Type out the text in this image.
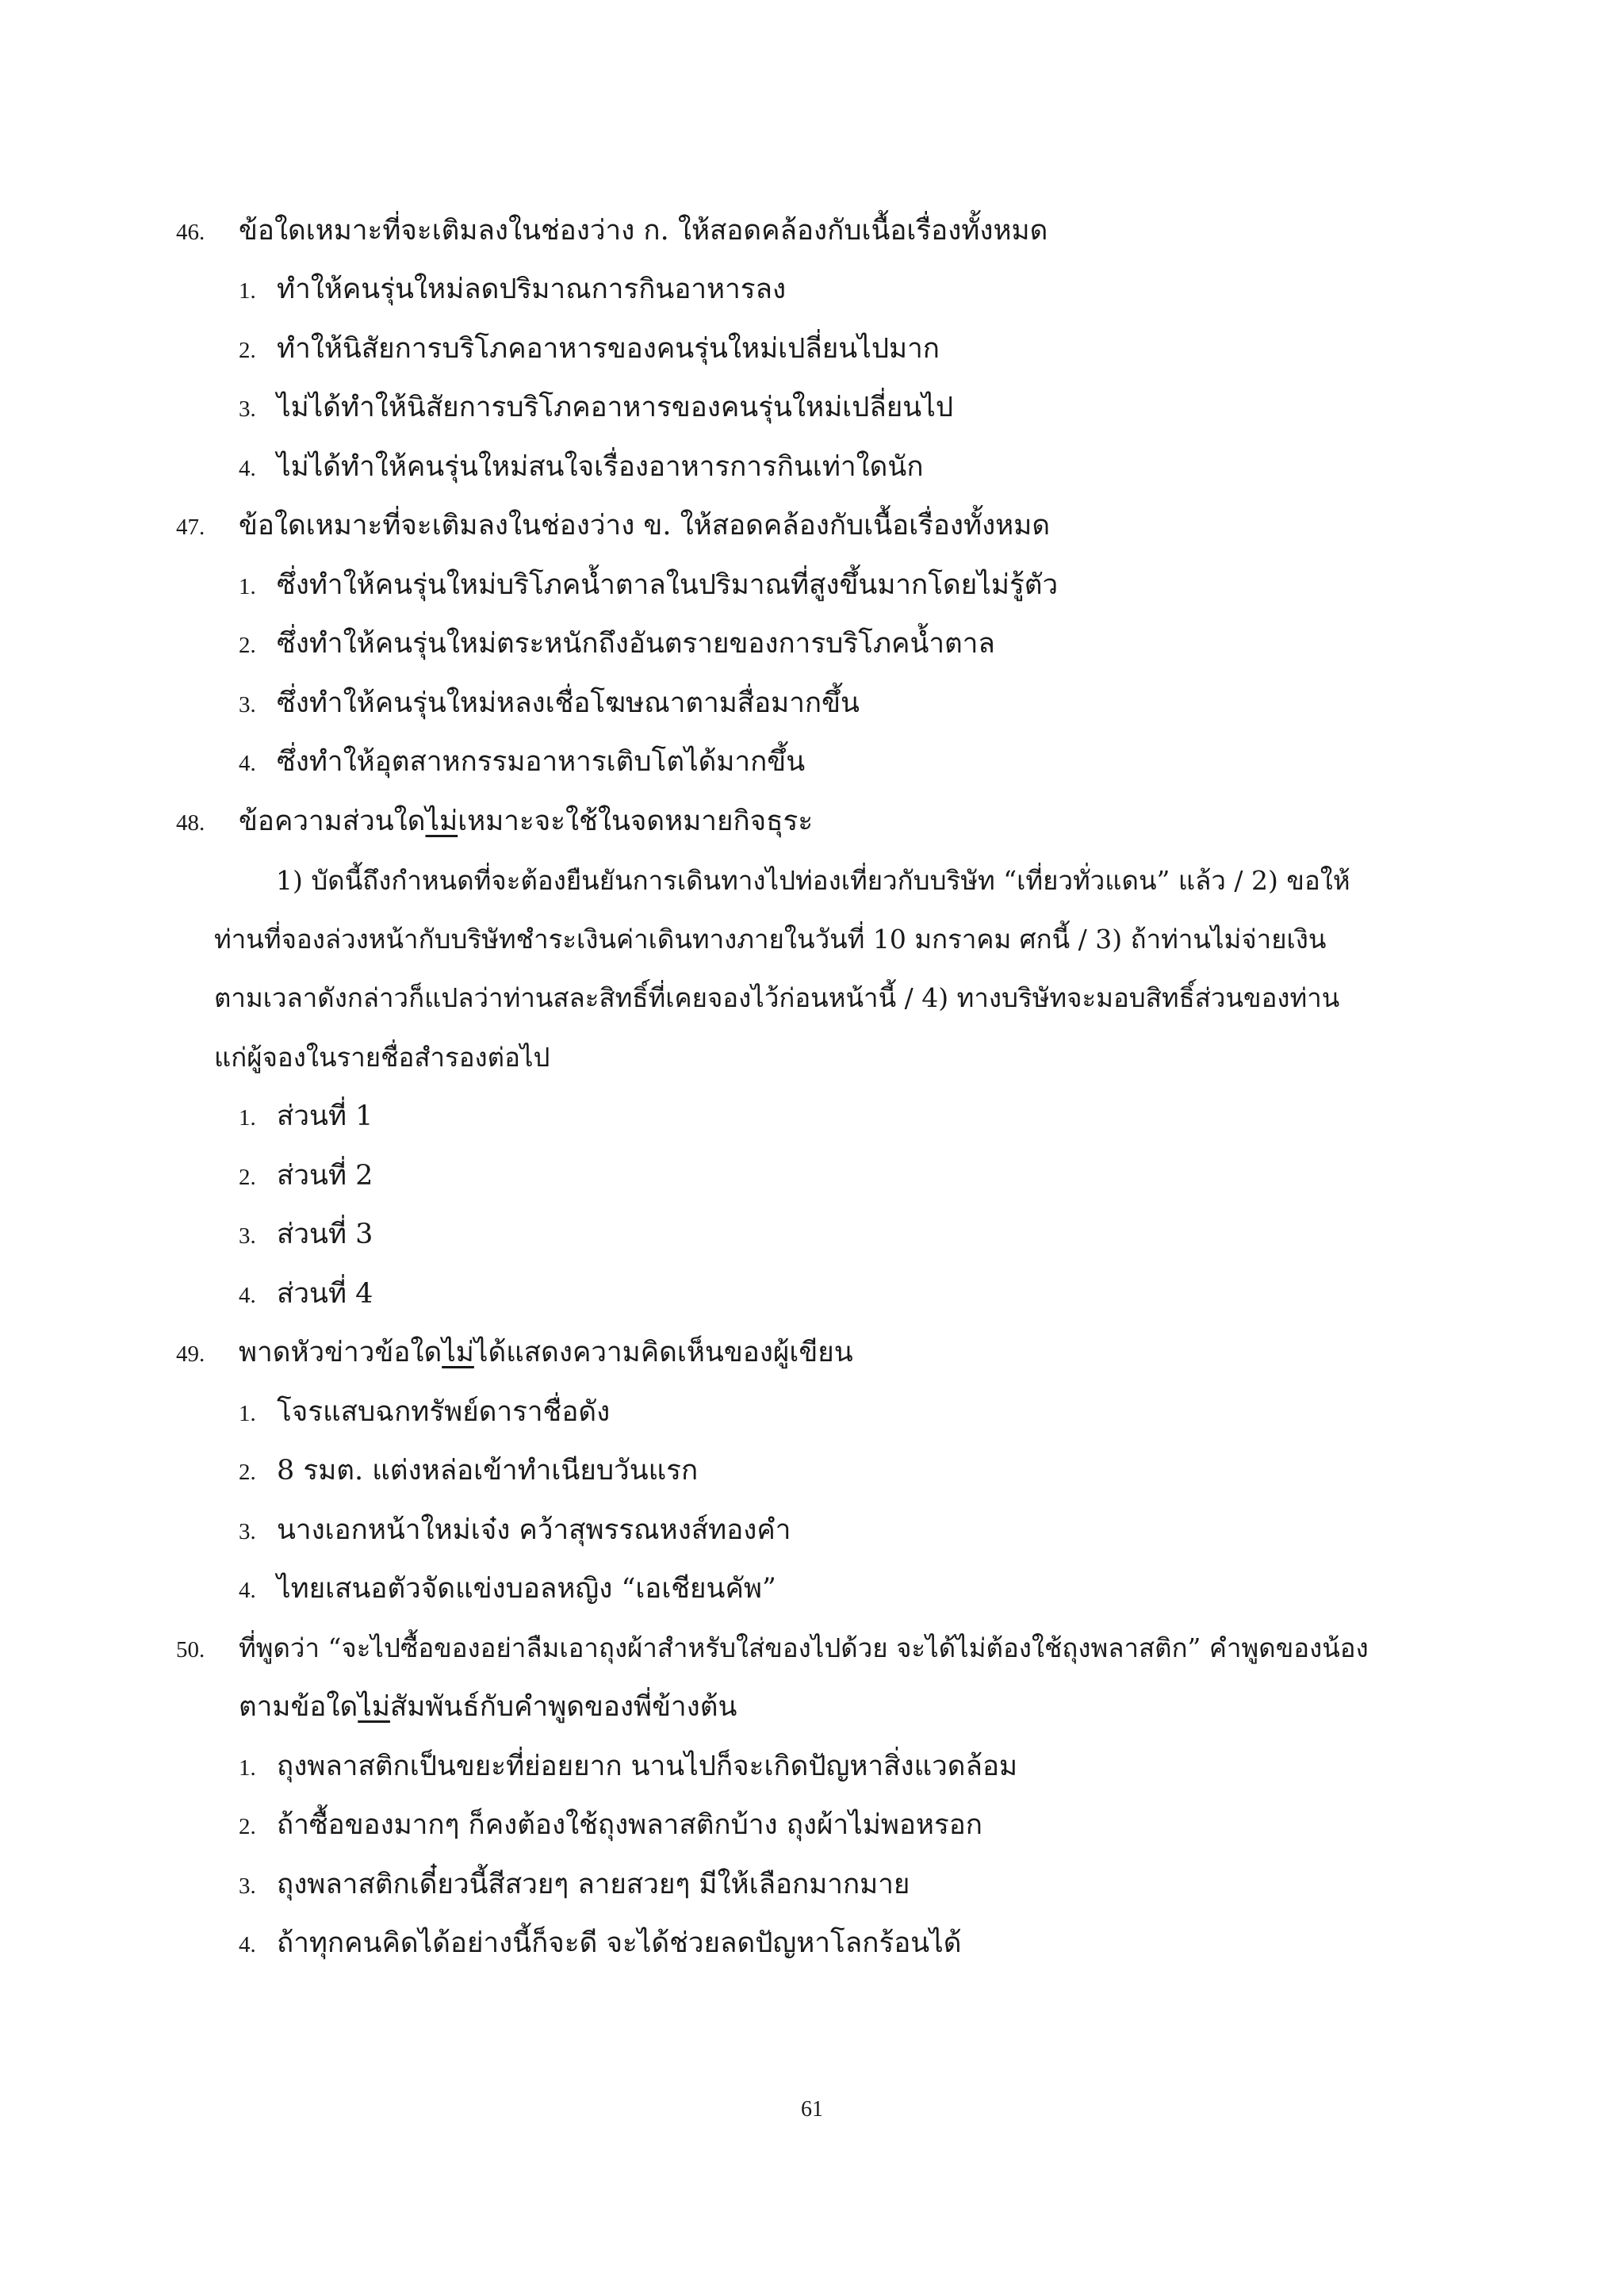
46. ข้อใดเหมาะที่จะเติมลงในช่องว่าง ก. ให้สอดคล้องกับเนื้อเรื่องทั้งหมด
1. ทำให้คนรุ่นใหม่ลดปริมาณการกินอาหารลง
2. ทำให้นิสัยการบริโภคอาหารของคนรุ่นใหม่เปลี่ยนไปมาก
3. ไม่ได้ทำให้นิสัยการบริโภคอาหารของคนรุ่นใหม่เปลี่ยนไป
4. ไม่ได้ทำให้คนรุ่นใหม่สนใจเรื่องอาหารการกินเท่าใดนัก
47. ข้อใดเหมาะที่จะเติมลงในช่องว่าง ข. ให้สอดคล้องกับเนื้อเรื่องทั้งหมด
1. ซึ่งทำให้คนรุ่นใหม่บริโภคน้ำตาลในปริมาณที่สูงขึ้นมากโดยไม่รู้ตัว
2. ซึ่งทำให้คนรุ่นใหม่ตระหนักถึงอันตรายของการบริโภคน้ำตาล
3. ซึ่งทำให้คนรุ่นใหม่หลงเชื่อโฆษณาตามสื่อมากขึ้น
4. ซึ่งทำให้อุตสาหกรรมอาหารเติบโตได้มากขึ้น
48. ข้อความส่วนใดไม่เหมาะจะใช้ในจดหมายกิจธุระ
1) บัดนี้ถึงกำหนดที่จะต้องยืนยันการเดินทางไปท่องเที่ยวกับบริษัท “เที่ยวทั่วแดน” แล้ว / 2) ขอให้
ท่านที่จองล่วงหน้ากับบริษัทชำระเงินค่าเดินทางภายในวันที่ 10 มกราคม ศกนี้ / 3) ถ้าท่านไม่จ่ายเงิน
ตามเวลาดังกล่าวก็แปลว่าท่านสละสิทธิ์ที่เคยจองไว้ก่อนหน้านี้ / 4) ทางบริษัทจะมอบสิทธิ์ส่วนของท่าน
แก่ผู้จองในรายชื่อสำรองต่อไป
1. ส่วนที่ 1
2. ส่วนที่ 2
3. ส่วนที่ 3
4. ส่วนที่ 4
49. พาดหัวข่าวข้อใดไม่ได้แสดงความคิดเห็นของผู้เขียน
1. โจรแสบฉกทรัพย์ดาราชื่อดัง
2. 8 รมต. แต่งหล่อเข้าทำเนียบวันแรก
3. นางเอกหน้าใหม่เจ๋ง คว้าสุพรรณหงส์ทองคำ
4. ไทยเสนอตัวจัดแข่งบอลหญิง “เอเชียนคัพ”
50. ที่พูดว่า “จะไปซื้อของอย่าลืมเอาถุงผ้าสำหรับใส่ของไปด้วย จะได้ไม่ต้องใช้ถุงพลาสติก” คำพูดของน้อง
ตามข้อใดไม่สัมพันธ์กับคำพูดของพี่ข้างต้น
1. ถุงพลาสติกเป็นขยะที่ย่อยยาก นานไปก็จะเกิดปัญหาสิ่งแวดล้อม
2. ถ้าซื้อของมากๆ ก็คงต้องใช้ถุงพลาสติกบ้าง ถุงผ้าไม่พอหรอก
3. ถุงพลาสติกเดี๋ยวนี้สีสวยๆ ลายสวยๆ มีให้เลือกมากมาย
4. ถ้าทุกคนคิดได้อย่างนี้ก็จะดี จะได้ช่วยลดปัญหาโลกร้อนได้
61
